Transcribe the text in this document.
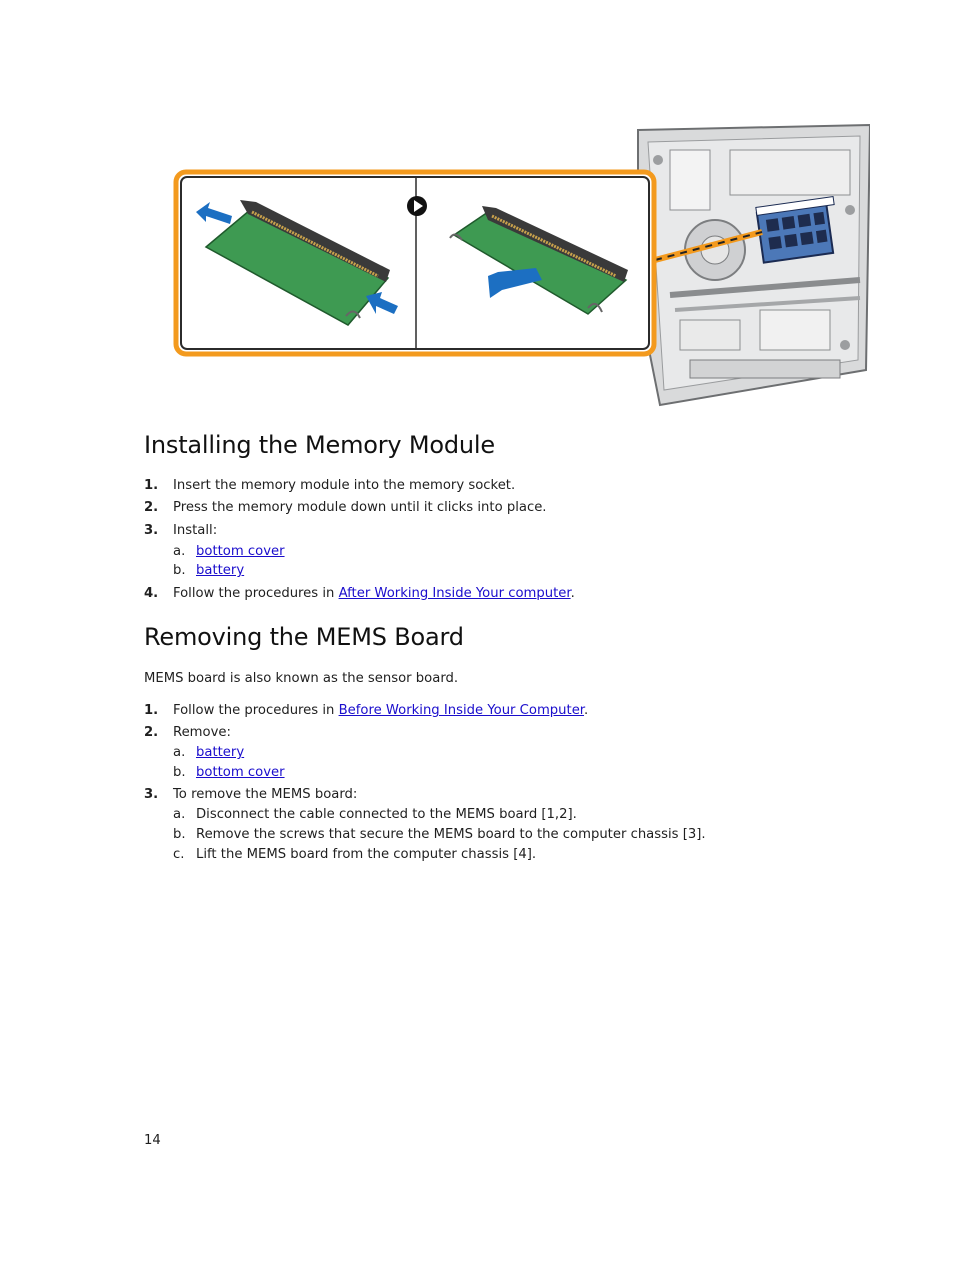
Installing the Memory Module
1. Insert the memory module into the memory socket.
2. Press the memory module down until it clicks into place.
3. Install:
a. bottom cover
b. battery
4. Follow the procedures in After Working Inside Your computer.
Removing the MEMS Board

MEMS board is also known as the sensor board.

1. Follow the procedures in Before Working Inside Your Computer.
2. Remove:
a. battery
b. bottom cover
3. To remove the MEMS board:
a. Disconnect the cable connected to the MEMS board [1,2].
b. Remove the screws that secure the MEMS board to the computer chassis [3].
c. Lift the MEMS board from the computer chassis [4].
14
